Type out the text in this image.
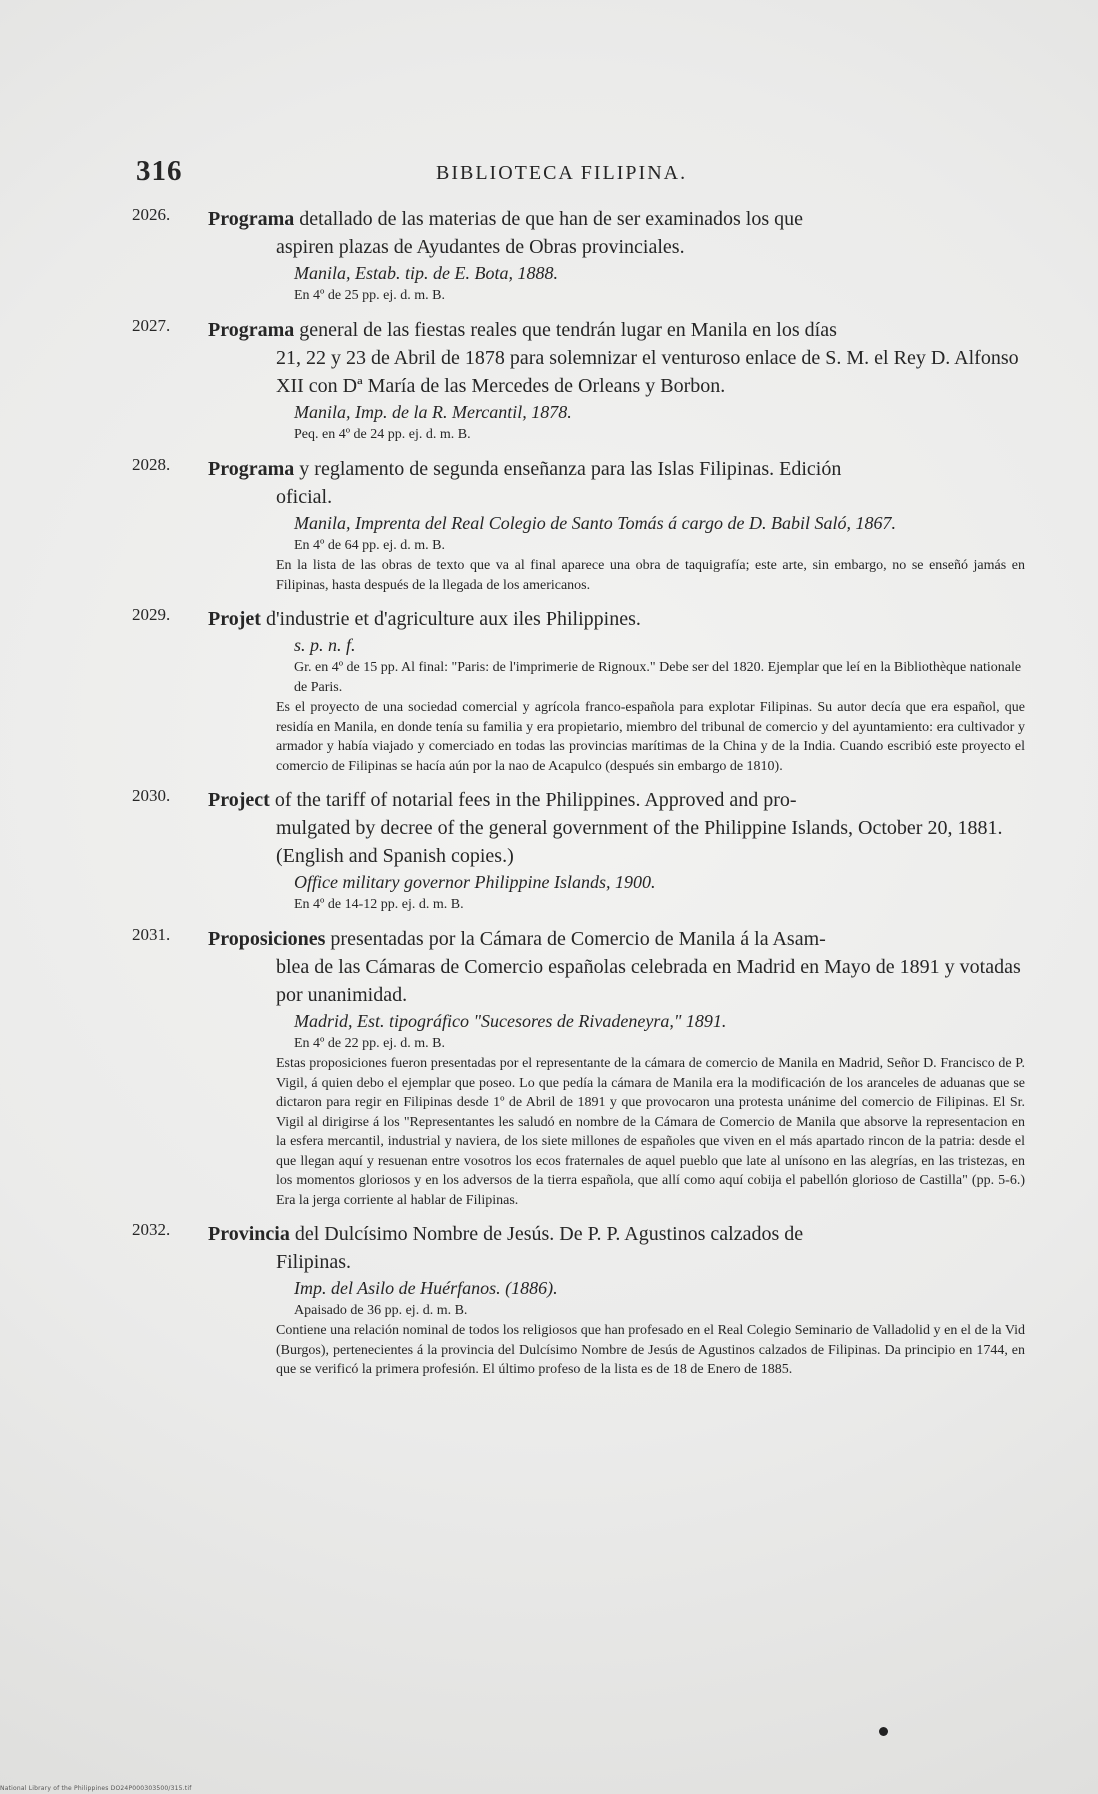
316	BIBLIOTECA FILIPINA.
2026.	Programa detallado de las materias de que han de ser examinados los que
aspiren plazas de Ayudantes de Obras provinciales.
Manila, Estab. tip. de E. Bota, 1888.
En 4º de 25 pp. ej. d. m. B.
2027.	Programa general de las fiestas reales que tendrán lugar en Manila en los días
21, 22 y 23 de Abril de 1878 para solemnizar el venturoso enlace de S. M. el Rey D. Alfonso XII con Dª María de las Mercedes de Orleans y Borbon.
Manila, Imp. de la R. Mercantil, 1878.
Peq. en 4º de 24 pp. ej. d. m. B.
2028.	Programa y reglamento de segunda enseñanza para las Islas Filipinas. Edición
oficial.
Manila, Imprenta del Real Colegio de Santo Tomás á cargo de D. Babil Saló, 1867.
En 4º de 64 pp. ej. d. m. B.
En la lista de las obras de texto que va al final aparece una obra de taquigrafía; este arte, sin embargo, no se enseñó jamás en Filipinas, hasta después de la llegada de los americanos.
2029.	Projet d'industrie et d'agriculture aux iles Philippines.
s. p. n. f.
Gr. en 4º de 15 pp. Al final: "Paris: de l'imprimerie de Rignoux." Debe ser del 1820. Ejemplar que leí en la Bibliothèque nationale de Paris.
Es el proyecto de una sociedad comercial y agrícola franco-española para explotar Filipinas. Su autor decía que era español, que residía en Manila, en donde tenía su familia y era propietario, miembro del tribunal de comercio y del ayuntamiento: era cultivador y armador y había viajado y comerciado en todas las provincias marítimas de la China y de la India. Cuando escribió este proyecto el comercio de Filipinas se hacía aún por la nao de Acapulco (después sin embargo de 1810).
2030.	Project of the tariff of notarial fees in the Philippines. Approved and pro-
mulgated by decree of the general government of the Philippine Islands, October 20, 1881. (English and Spanish copies.)
Office military governor Philippine Islands, 1900.
En 4º de 14-12 pp. ej. d. m. B.
2031.	Proposiciones presentadas por la Cámara de Comercio de Manila á la Asam-
blea de las Cámaras de Comercio españolas celebrada en Madrid en Mayo de 1891 y votadas por unanimidad.
Madrid, Est. tipográfico "Sucesores de Rivadeneyra," 1891.
En 4º de 22 pp. ej. d. m. B.
Estas proposiciones fueron presentadas por el representante de la cámara de comercio de Manila en Madrid, Señor D. Francisco de P. Vigil, á quien debo el ejemplar que poseo. Lo que pedía la cámara de Manila era la modificación de los aranceles de aduanas que se dictaron para regir en Filipinas desde 1º de Abril de 1891 y que provocaron una protesta unánime del comercio de Filipinas. El Sr. Vigil al dirigirse á los "Representantes les saludó en nombre de la Cámara de Comercio de Manila que absorve la representacion en la esfera mercantil, industrial y naviera, de los siete millones de españoles que viven en el más apartado rincon de la patria: desde el que llegan aquí y resuenan entre vosotros los ecos fraternales de aquel pueblo que late al unísono en las alegrías, en las tristezas, en los momentos gloriosos y en los adversos de la tierra española, que allí como aquí cobija el pabellón glorioso de Castilla" (pp. 5-6.) Era la jerga corriente al hablar de Filipinas.
2032.	Provincia del Dulcísimo Nombre de Jesús. De P. P. Agustinos calzados de
Filipinas.
Imp. del Asilo de Huérfanos. (1886).
Apaisado de 36 pp. ej. d. m. B.
Contiene una relación nominal de todos los religiosos que han profesado en el Real Colegio Seminario de Valladolid y en el de la Vid (Burgos), pertenecientes á la provincia del Dulcísimo Nombre de Jesús de Agustinos calzados de Filipinas. Da principio en 1744, en que se verificó la primera profesión. El último profeso de la lista es de 18 de Enero de 1885.
National Library of the Philippines DO24P000303500/315.tif
